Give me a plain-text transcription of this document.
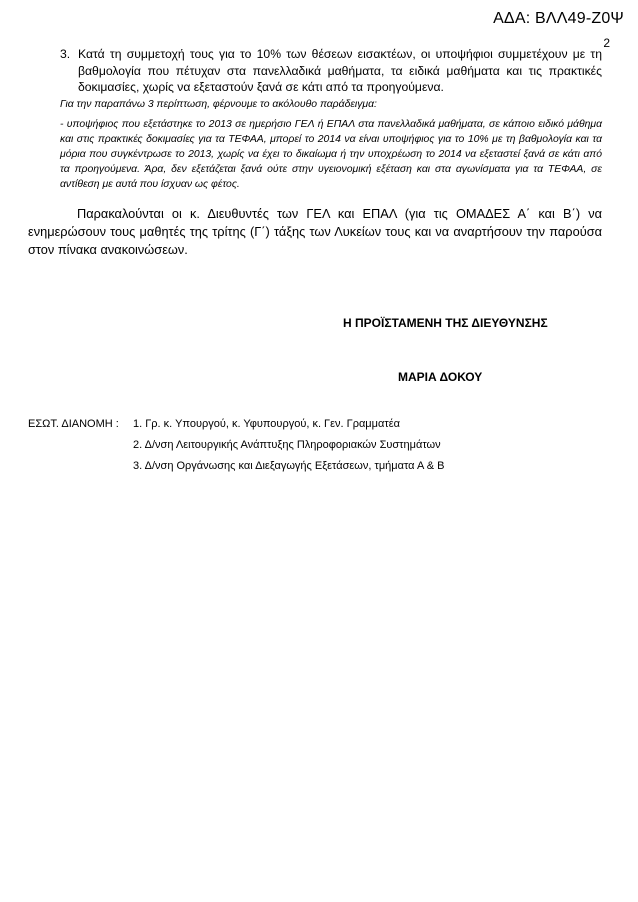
ΑΔΑ: ΒΛΛ49-Ζ0Ψ
2
3. Κατά τη συμμετοχή τους για το 10% των θέσεων εισακτέων, οι υποψήφιοι συμμετέχουν με τη βαθμολογία που πέτυχαν στα πανελλαδικά μαθήματα, τα ειδικά μαθήματα και τις πρακτικές δοκιμασίες, χωρίς να εξεταστούν ξανά σε κάτι από τα προηγούμενα.
Για την παραπάνω 3 περίπτωση, φέρνουμε το ακόλουθο παράδειγμα:
- υποψήφιος που εξετάστηκε το 2013 σε ημερήσιο ΓΕΛ ή ΕΠΑΛ στα πανελλαδικά μαθήματα, σε κάποιο ειδικό μάθημα και στις πρακτικές δοκιμασίες για τα ΤΕΦΑΑ, μπορεί το 2014 να είναι υποψήφιος για το 10% με τη βαθμολογία και τα μόρια που συγκέντρωσε το 2013, χωρίς να έχει το δικαίωμα ή την υποχρέωση το 2014 να εξεταστεί ξανά σε κάτι από τα προηγούμενα. Άρα, δεν εξετάζεται ξανά ούτε στην υγειονομική εξέταση και στα αγωνίσματα για τα ΤΕΦΑΑ, σε αντίθεση με αυτά που ίσχυαν ως φέτος.
Παρακαλούνται οι κ. Διευθυντές των ΓΕΛ και ΕΠΑΛ (για τις ΟΜΑΔΕΣ Α΄ και Β΄) να ενημερώσουν τους μαθητές της τρίτης (Γ΄) τάξης των Λυκείων τους και να αναρτήσουν την παρούσα στον πίνακα ανακοινώσεων.
Η ΠΡΟΪΣΤΑΜΕΝΗ ΤΗΣ ΔΙΕΥΘΥΝΣΗΣ
ΜΑΡΙΑ ΔΟΚΟΥ
ΕΣΩΤ. ΔΙΑΝΟΜΗ : 1. Γρ. κ. Υπουργού, κ. Υφυπουργού, κ. Γεν. Γραμματέα
2. Δ/νση Λειτουργικής Ανάπτυξης Πληροφοριακών Συστημάτων
3. Δ/νση Οργάνωσης και Διεξαγωγής Εξετάσεων, τμήματα Α & Β
